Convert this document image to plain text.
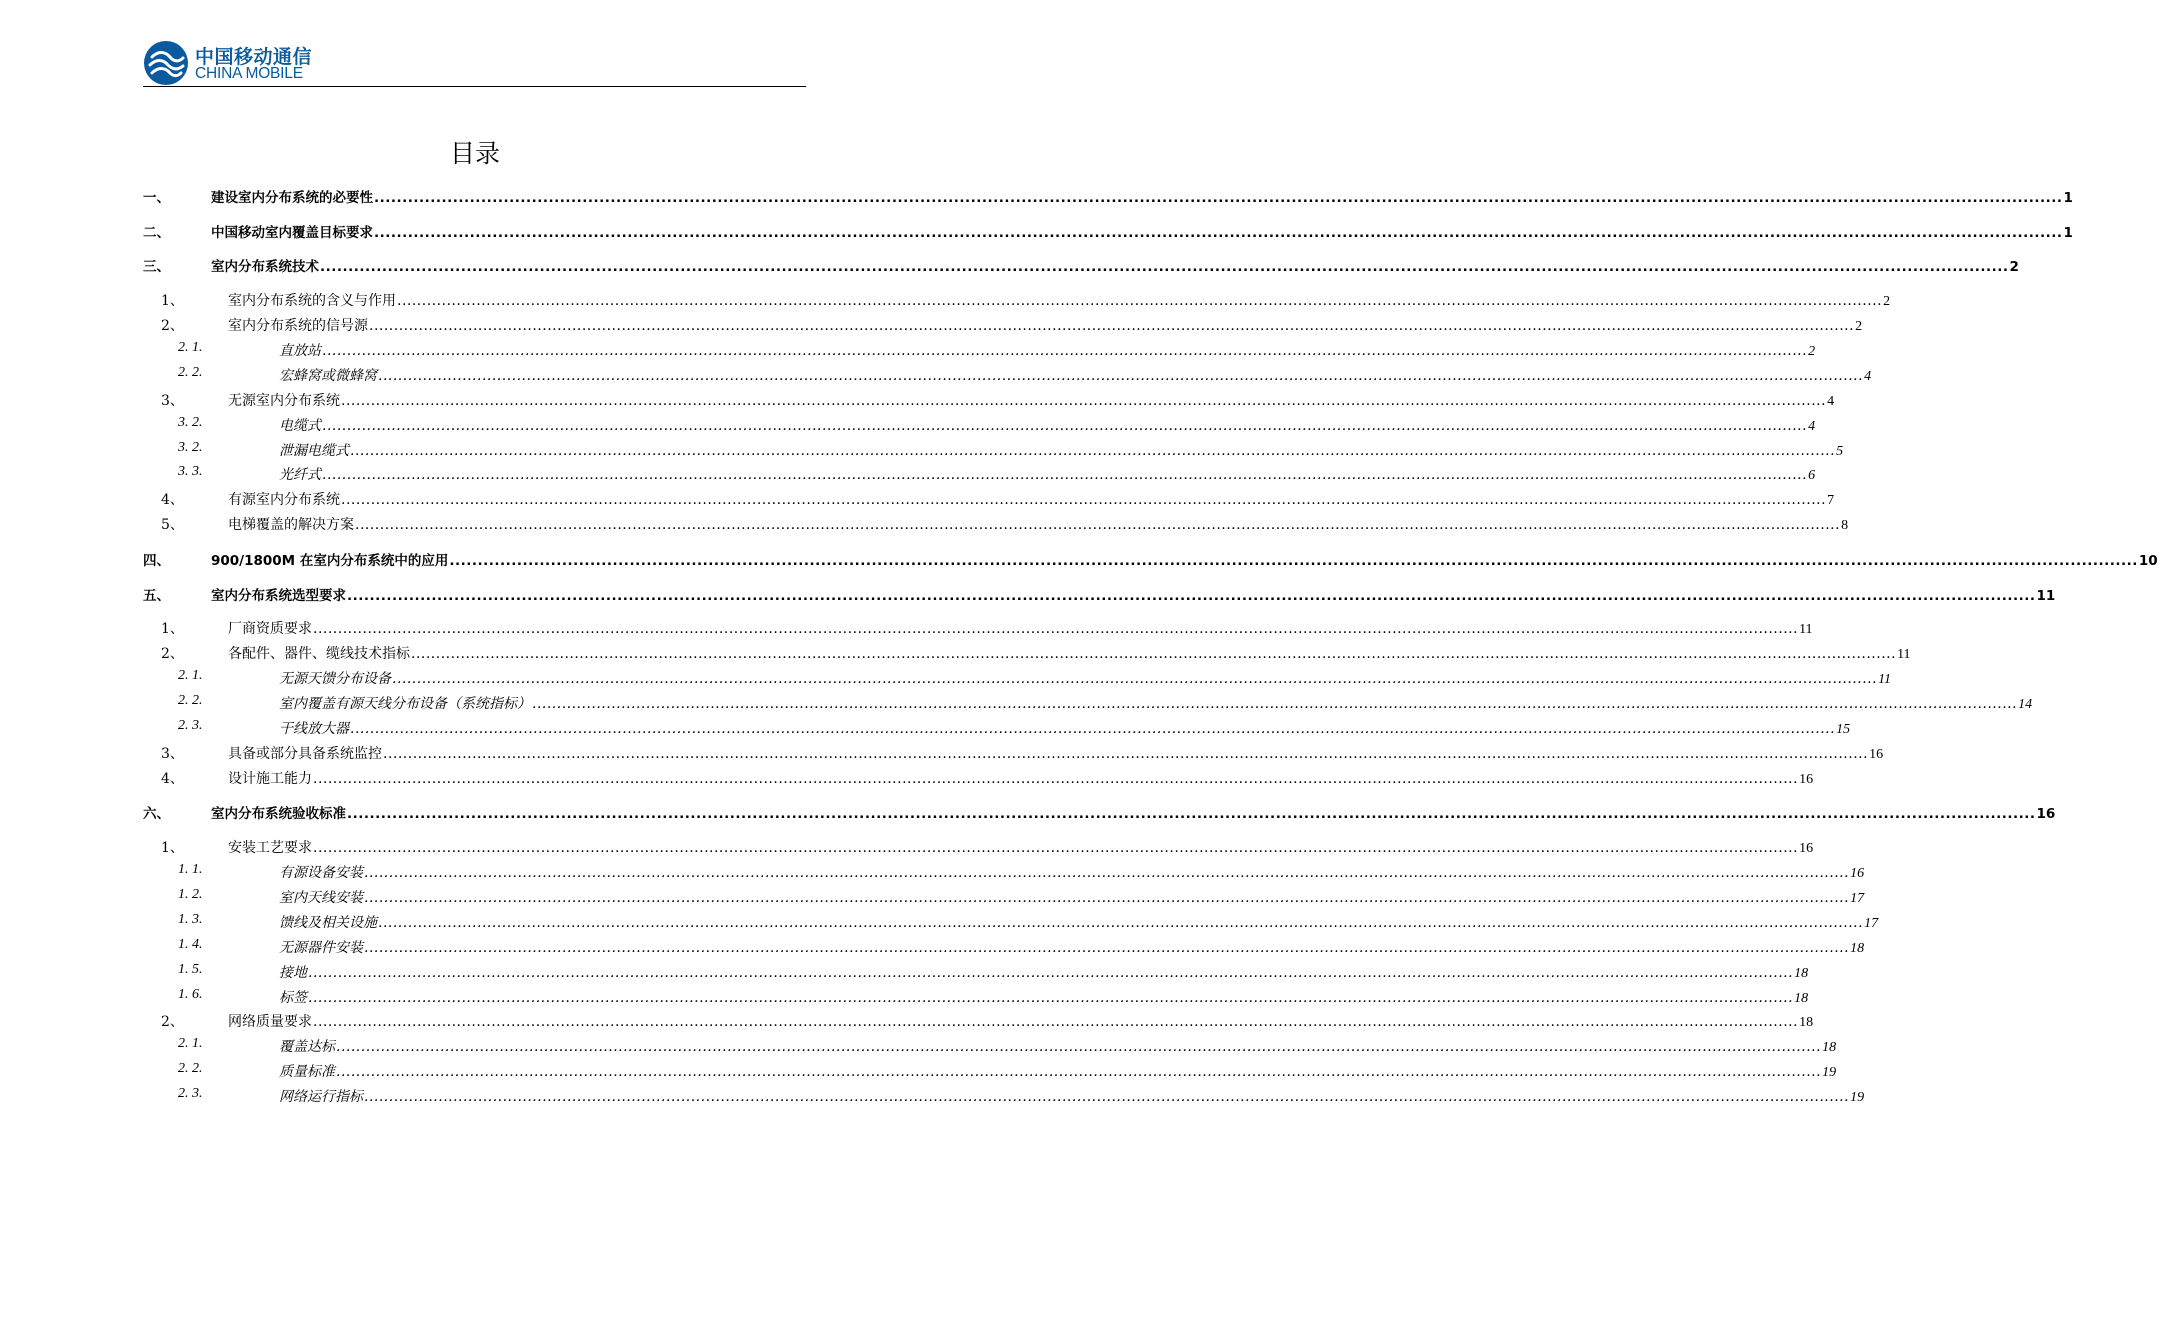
中国移动通信
CHINA MOBILE
目录
一、	建设室内分布系统的必要性 ............................................................................................................................................................................................................................................................................................................ 1
二、	中国移动室内覆盖目标要求 ............................................................................................................................................................................................................................................................................................................ 1
三、	室内分布系统技术 ............................................................................................................................................................................................................................................................................................................ 2
1、	室内分布系统的含义与作用 ............................................................................................................................................................................................................................................................................................................ 2
2、	室内分布系统的信号源 ............................................................................................................................................................................................................................................................................................................ 2
2. 1.	直放站 ............................................................................................................................................................................................................................................................................................................ 2
2. 2.	宏蜂窝或微蜂窝 ............................................................................................................................................................................................................................................................................................................ 4
3、	无源室内分布系统 ............................................................................................................................................................................................................................................................................................................ 4
3. 2.	电缆式 ............................................................................................................................................................................................................................................................................................................ 4
3. 2.	泄漏电缆式 ............................................................................................................................................................................................................................................................................................................ 5
3. 3.	光纤式 ............................................................................................................................................................................................................................................................................................................ 6
4、	有源室内分布系统 ............................................................................................................................................................................................................................................................................................................ 7
5、	电梯覆盖的解决方案 ............................................................................................................................................................................................................................................................................................................ 8
四、	900/1800M 在室内分布系统中的应用 ............................................................................................................................................................................................................................................................................................................ 10
五、	室内分布系统选型要求 ............................................................................................................................................................................................................................................................................................................ 11
1、	厂商资质要求 ............................................................................................................................................................................................................................................................................................................ 11
2、	各配件、器件、缆线技术指标 ............................................................................................................................................................................................................................................................................................................ 11
2. 1.	无源天馈分布设备 ............................................................................................................................................................................................................................................................................................................ 11
2. 2.	室内覆盖有源天线分布设备（系统指标） ............................................................................................................................................................................................................................................................................................................ 14
2. 3.	干线放大器 ............................................................................................................................................................................................................................................................................................................ 15
3、	具备或部分具备系统监控 ............................................................................................................................................................................................................................................................................................................ 16
4、	设计施工能力 ............................................................................................................................................................................................................................................................................................................ 16
六、	室内分布系统验收标准 ............................................................................................................................................................................................................................................................................................................ 16
1、	安装工艺要求 ............................................................................................................................................................................................................................................................................................................ 16
1. 1.	有源设备安装 ............................................................................................................................................................................................................................................................................................................ 16
1. 2.	室内天线安装 ............................................................................................................................................................................................................................................................................................................ 17
1. 3.	馈线及相关设施 ............................................................................................................................................................................................................................................................................................................ 17
1. 4.	无源器件安装 ............................................................................................................................................................................................................................................................................................................ 18
1. 5.	接地 ............................................................................................................................................................................................................................................................................................................ 18
1. 6.	标签 ............................................................................................................................................................................................................................................................................................................ 18
2、	网络质量要求 ............................................................................................................................................................................................................................................................................................................ 18
2. 1.	覆盖达标 ............................................................................................................................................................................................................................................................................................................ 18
2. 2.	质量标准 ............................................................................................................................................................................................................................................................................................................ 19
2. 3.	网络运行指标 ............................................................................................................................................................................................................................................................................................................ 19
